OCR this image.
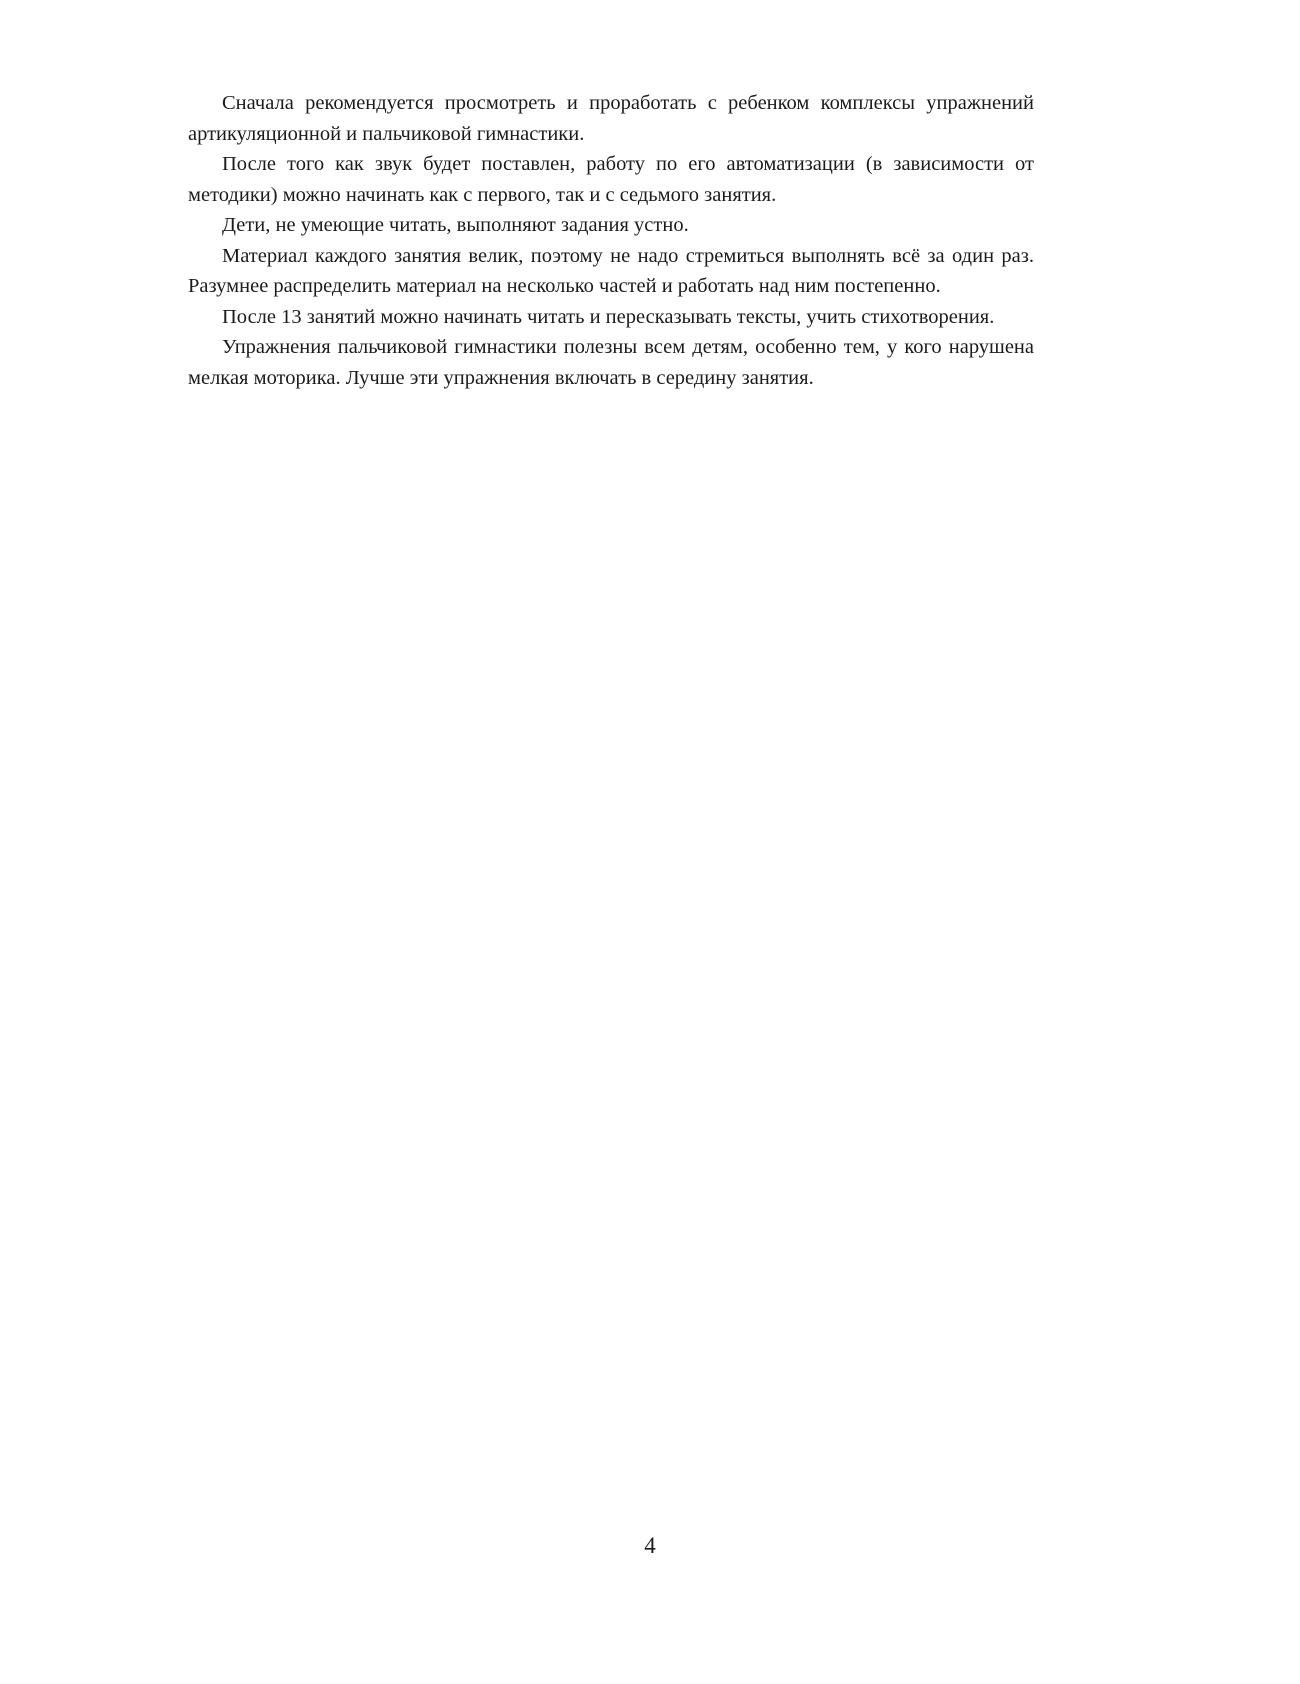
Сначала рекомендуется просмотреть и проработать с ребенком комплексы упражнений артикуляционной и пальчиковой гимнастики.

После того как звук будет поставлен, работу по его автоматизации (в зависимости от методики) можно начинать как с первого, так и с седьмого занятия.

Дети, не умеющие читать, выполняют задания устно.

Материал каждого занятия велик, поэтому не надо стремиться выполнять всё за один раз. Разумнее распределить материал на несколько частей и работать над ним постепенно.

После 13 занятий можно начинать читать и пересказывать тексты, учить стихотворения.

Упражнения пальчиковой гимнастики полезны всем детям, особенно тем, у кого нарушена мелкая моторика. Лучше эти упражнения включать в середину занятия.

4
